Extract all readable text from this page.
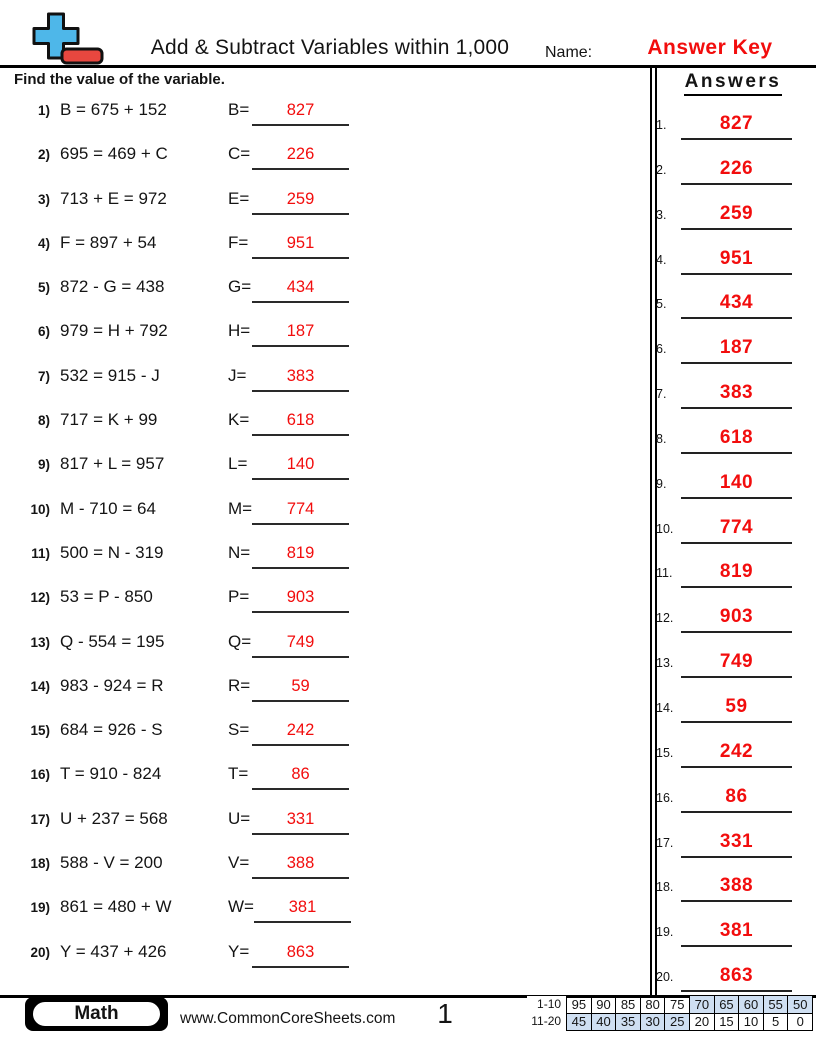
Add & Subtract Variables within 1,000	Name:	Answer Key
Find the value of the variable.
1) B = 675 + 152	B=	827
2) 695 = 469 + C	C=	226
3) 713 + E = 972	E=	259
4) F = 897 + 54	F=	951
5) 872 - G = 438	G=	434
6) 979 = H + 792	H=	187
7) 532 = 915 - J	J=	383
8) 717 = K + 99	K=	618
9) 817 + L = 957	L=	140
10) M - 710 = 64	M=	774
11) 500 = N - 319	N=	819
12) 53 = P - 850	P=	903
13) Q - 554 = 195	Q=	749
14) 983 - 924 = R	R=	59
15) 684 = 926 - S	S=	242
16) T = 910 - 824	T=	86
17) U + 237 = 568	U=	331
18) 588 - V = 200	V=	388
19) 861 = 480 + W	W=	381
20) Y = 437 + 426	Y=	863
Answers
1.	827
2.	226
3.	259
4.	951
5.	434
6.	187
7.	383
8.	618
9.	140
10.	774
11.	819
12.	903
13.	749
14.	59
15.	242
16.	86
17.	331
18.	388
19.	381
20.	863
Math	www.CommonCoreSheets.com	1	1-10	95	90	85	80	75	70	65	60	55	50
11-20	45	40	35	30	25	20	15	10	5	0
